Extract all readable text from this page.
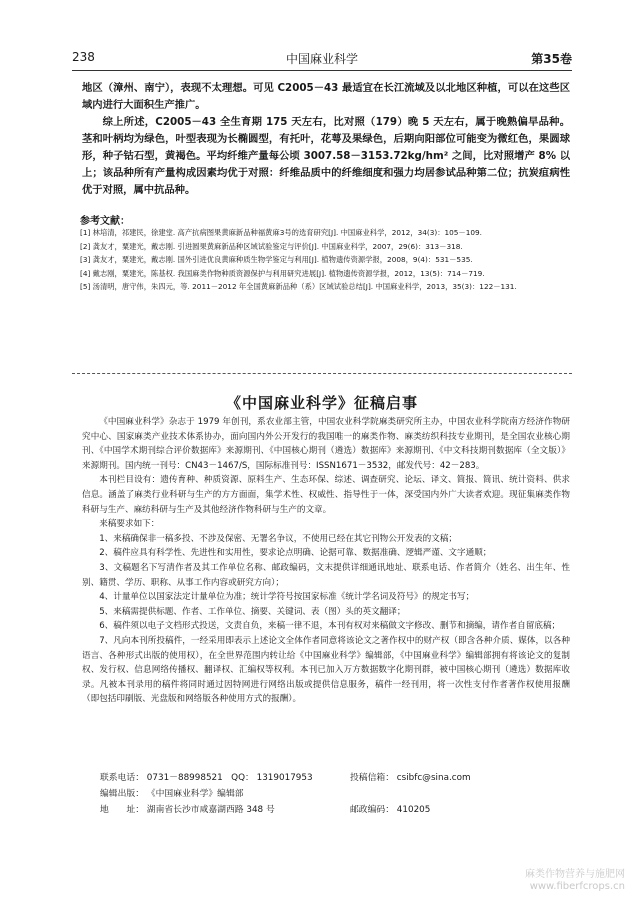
238	中国麻业科学	第35卷
地区（漳州、南宁），表现不太理想。可见 C2005－43 最适宜在长江流域及以北地区种植，可以在这些区域内进行大面积生产推广。
综上所述，C2005－43 全生育期 175 天左右，比对照（179）晚 5 天左右，属于晚熟偏早品种。茎和叶柄均为绿色，叶型表现为长椭圆型，有托叶，花萼及果绿色，后期向阳部位可能变为微红色，果圆球形，种子钴石型，黄褐色。平均纤维产量每公顷 3007.58－3153.72kg/hm² 之间，比对照增产 8% 以上；该品种所有产量构成因素均优于对照：纤维品质中的纤维细度和强力均居参试品种第二位；抗炭疽病性优于对照，属中抗品种。
参考文献：

[1] 林培清，祁建民，徐建堂. 高产抗病图果黄麻新品种福黄麻3号的选育研究[J]. 中国麻业科学，2012，34(3)：105－109.

[2] 龚友才，粟建光，戴志刚. 引进圆果黄麻新品种区域试验鉴定与评价[J]. 中国麻业科学，2007，29(6)：313－318.

[3] 龚友才，粟建光，戴志刚. 国外引进优良黄麻种质生物学鉴定与利用[J]. 植物遗传资源学报，2008，9(4)：531－535.

[4] 戴志刚，粟建光，陈基权. 我国麻类作物种质资源保护与利用研究进展[J]. 植物遗传资源学报，2012，13(5)：714－719.

[5] 汤清明，唐守伟，朱四元，等. 2011－2012 年全国黄麻新品种（系）区域试验总结[J]. 中国麻业科学，2013，35(3)：122－131.

《中国麻业科学》征稿启事

《中国麻业科学》杂志于 1979 年创刊，系农业部主管，中国农业科学院麻类研究所主办，中国农业科学院南方经济作物研究中心、国家麻类产业技术体系协办，面向国内外公开发行的我国唯一的麻类作物、麻类纺织科技专业期刊，是全国农业核心期刊、《中国学术期刊综合评价数据库》来源期刊、《中国核心期刊（遴选）数据库》来源期刊、《中文科技期刊数据库（全文版）》来源期刊。国内统一刊号：CN43－1467/S，国际标准刊号：ISSN1671－3532，邮发代号：42－283。

本刊栏目设有：遗传育种、种质资源、原料生产、生态环保、综述、调查研究、论坛、译文、简报、简讯、统计资料、供求信息。涵盖了麻类行业科研与生产的方方面面，集学术性、权威性、指导性于一体，深受国内外广大读者欢迎。现征集麻类作物科研与生产、麻纺科研与生产及其他经济作物科研与生产的文章。

来稿要求如下：

1、来稿确保非一稿多投、不涉及保密、无署名争议，不使用已经在其它刊物公开发表的文稿；

2、稿件应具有科学性、先进性和实用性，要求论点明确、论据可靠、数据准确、逻辑严谨、文字通顺；

3、文稿题名下写清作者及其工作单位名称、邮政编码，文末提供详细通讯地址、联系电话、作者简介（姓名、出生年、性别、籍贯、学历、职称、从事工作内容或研究方向）；

4、计量单位以国家法定计量单位为准；统计学符号按国家标准《统计学名词及符号》的规定书写；

5、来稿需提供标题、作者、工作单位、摘要、关键词、表（图）头的英文翻译；

6、稿件须以电子文档形式投送，文责自负，来稿一律不退，本刊有权对来稿做文字修改、删节和摘编，请作者自留底稿；

7、凡向本刊所投稿件，一经采用即表示上述论文全体作者同意将该论文之著作权中的财产权（即含各种介质、媒体，以各种语言、各种形式出版的使用权），在全世界范围内转让给《中国麻业科学》编辑部，《中国麻业科学》编辑部拥有将该论文的复制权、发行权、信息网络传播权、翻译权、汇编权等权利。本刊已加入万方数据数字化期刊群，被中国核心期刊（遴选）数据库收录。凡被本刊录用的稿件将同时通过因特网进行网络出版或提供信息服务，稿件一经刊用，将一次性支付作者著作权使用报酬（即包括印刷版、光盘版和网络版各种使用方式的报酬）。

联系电话： 0731－88998521 QQ： 1319017953	投稿信箱： csibfc@sina.com
编辑出版： 《中国麻业科学》编辑部
地　　址： 湖南省长沙市咸嘉湖西路 348 号	邮政编码： 410205
麻类作物营养与施肥网
www.fiberfcrops.cn
